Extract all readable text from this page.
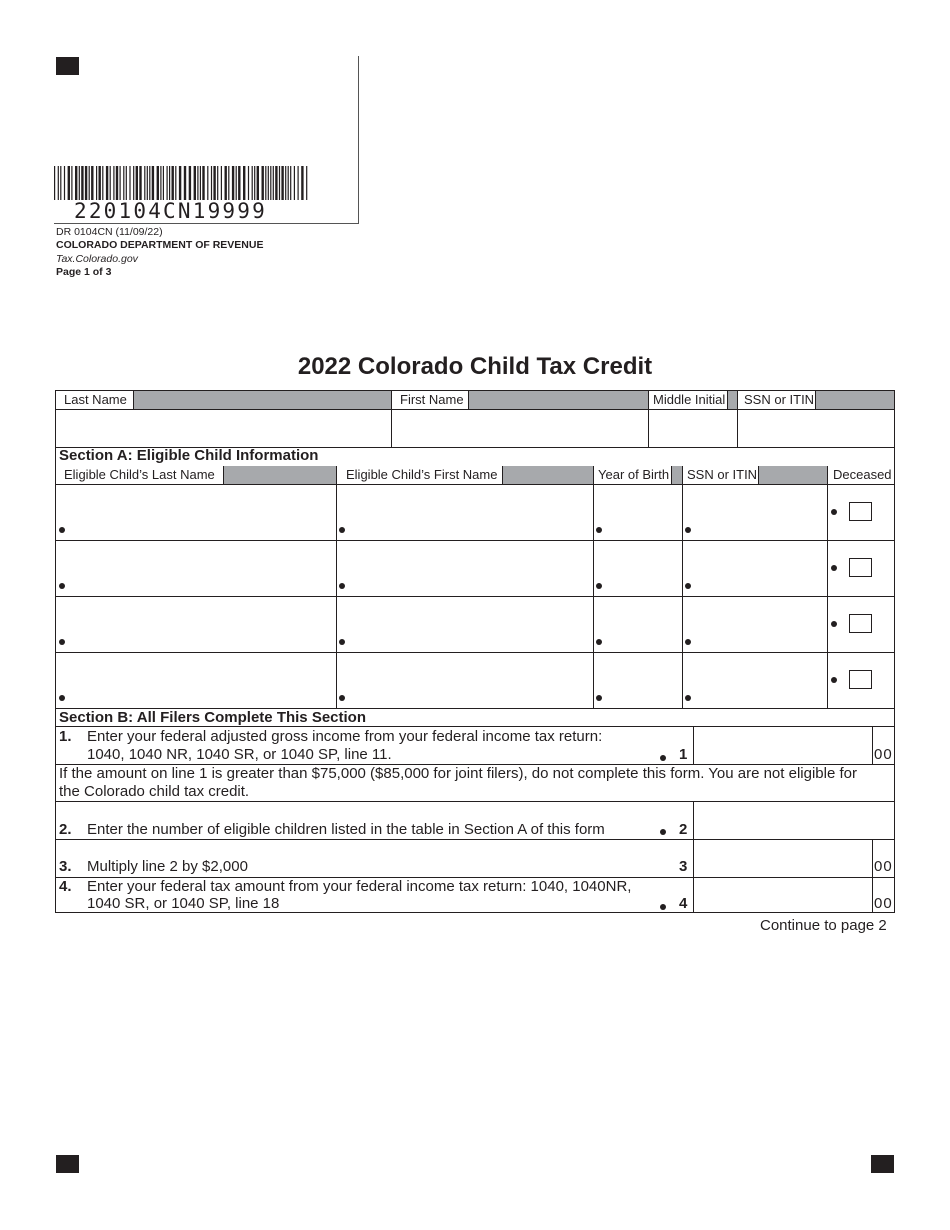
220104CN19999
DR 0104CN (11/09/22)
COLORADO DEPARTMENT OF REVENUE
Tax.Colorado.gov
Page 1 of 3
2022 Colorado Child Tax Credit
Last Name	First Name	Middle Initial	SSN or ITIN
Section A: Eligible Child Information
Eligible Child’s Last Name	Eligible Child’s First Name	Year of Birth	SSN or ITIN	Deceased
Section B: All Filers Complete This Section
1. Enter your federal adjusted gross income from your federal income tax return:
1040, 1040 NR, 1040 SR, or 1040 SP, line 11.	1	00
If the amount on line 1 is greater than $75,000 ($85,000 for joint filers), do not complete this form. You are not eligible for
the Colorado child tax credit.
2. Enter the number of eligible children listed in the table in Section A of this form	2
3. Multiply line 2 by $2,000	3	00
4. Enter your federal tax amount from your federal income tax return: 1040, 1040NR,
1040 SR, or 1040 SP, line 18	4	00
Continue to page 2
